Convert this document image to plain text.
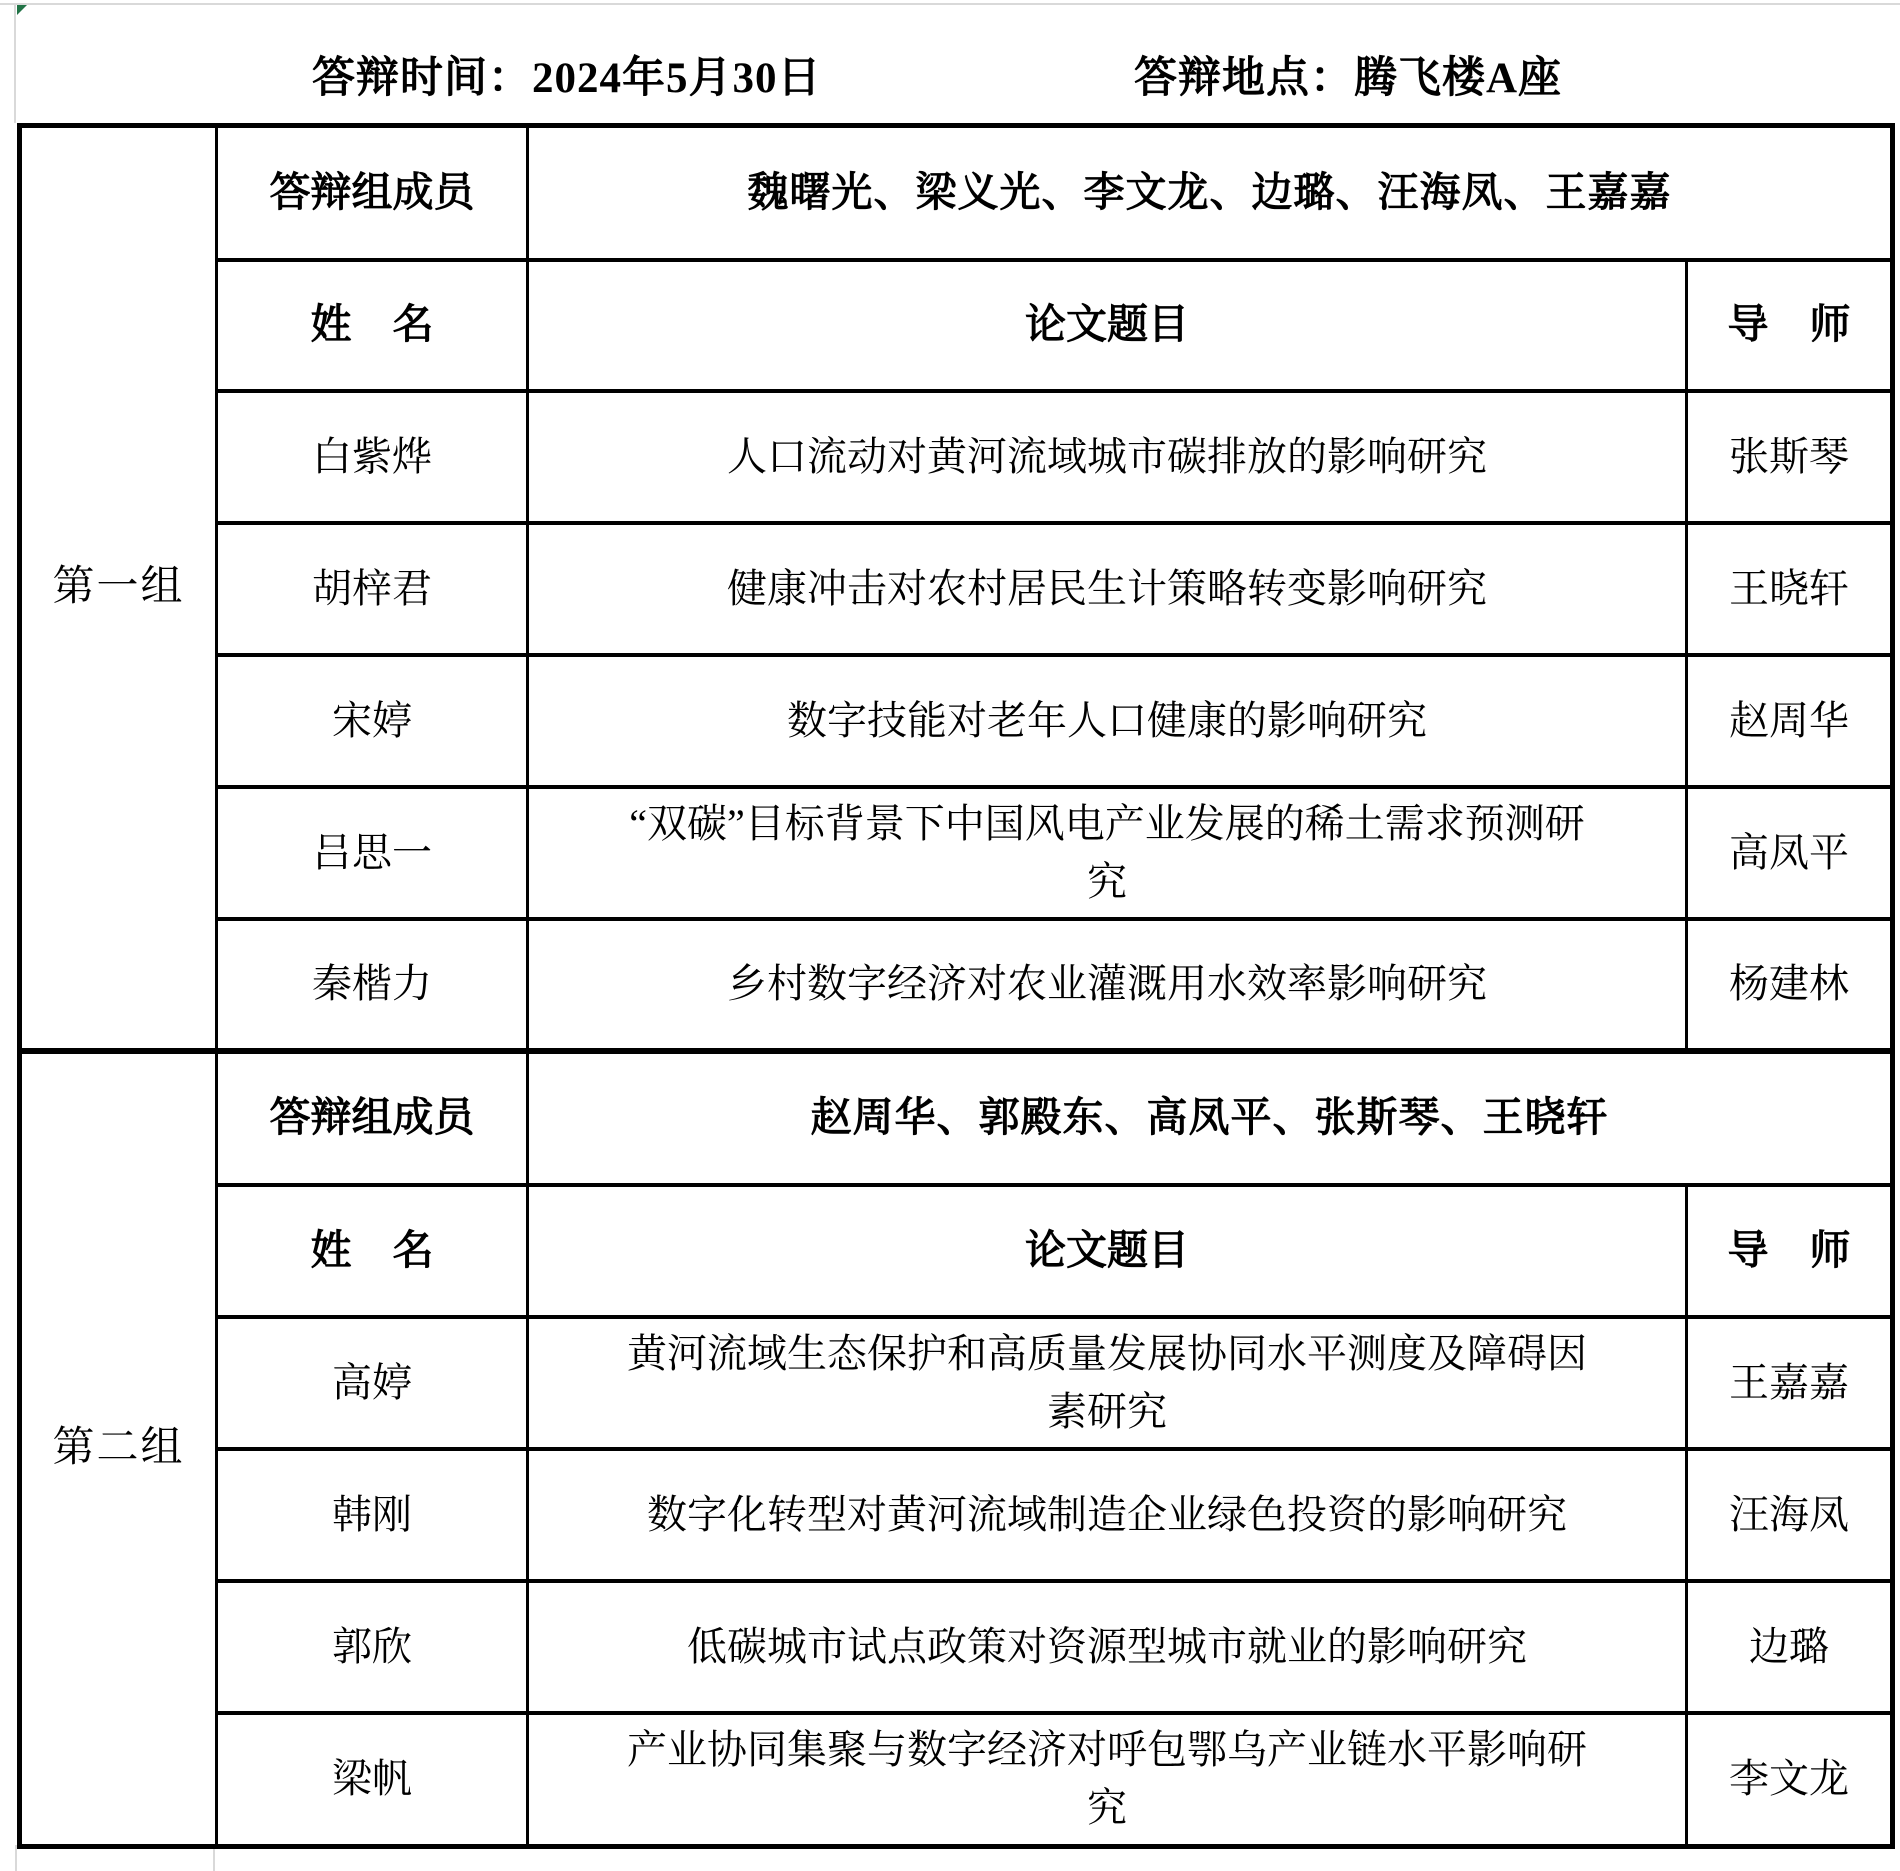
答辩时间：2024年5月30日	答辩地点：腾飞楼A座
第一组	答辩组成员	魏曙光、梁义光、李文龙、边璐、汪海凤、王嘉嘉	
	姓　名	论文题目	导　师
	白紫烨	人口流动对黄河流域城市碳排放的影响研究	张斯琴
	胡梓君	健康冲击对农村居民生计策略转变影响研究	王晓轩
	宋婷	数字技能对老年人口健康的影响研究	赵周华
	吕思一	“双碳”目标背景下中国风电产业发展的稀土需求预测研究	高凤平
	秦楷力	乡村数字经济对农业灌溉用水效率影响研究	杨建林
第二组	答辩组成员	赵周华、郭殿东、高凤平、张斯琴、王晓轩	
	姓　名	论文题目	导　师
	高婷	黄河流域生态保护和高质量发展协同水平测度及障碍因素研究	王嘉嘉
	韩刚	数字化转型对黄河流域制造企业绿色投资的影响研究	汪海凤
	郭欣	低碳城市试点政策对资源型城市就业的影响研究	边璐
	梁帆	产业协同集聚与数字经济对呼包鄂乌产业链水平影响研究	李文龙
